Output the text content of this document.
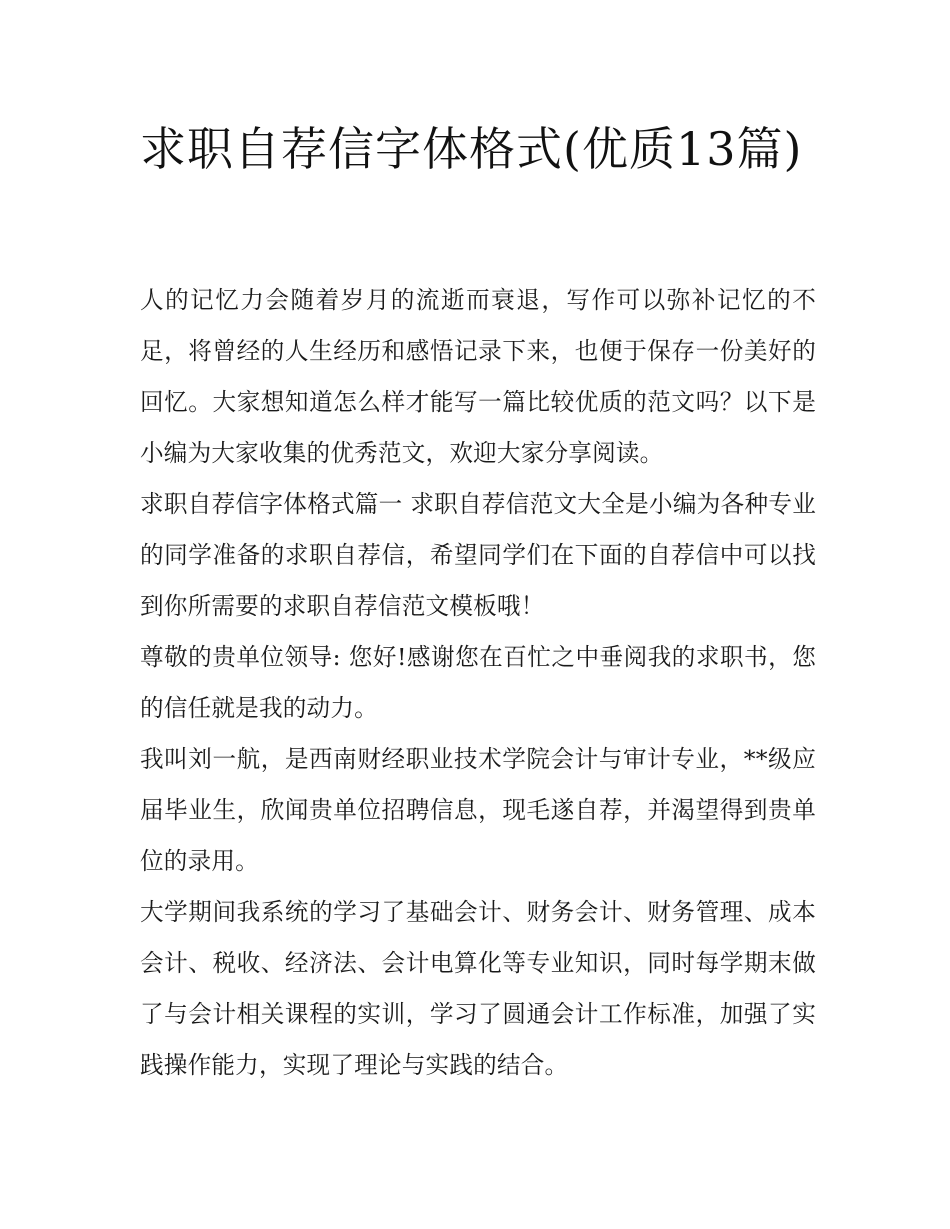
求职自荐信字体格式(优质13篇)

人的记忆力会随着岁月的流逝而衰退，写作可以弥补记忆的不足，将曾经的人生经历和感悟记录下来，也便于保存一份美好的回忆。大家想知道怎么样才能写一篇比较优质的范文吗？以下是小编为大家收集的优秀范文，欢迎大家分享阅读。

求职自荐信字体格式篇一 求职自荐信范文大全是小编为各种专业的同学准备的求职自荐信，希望同学们在下面的自荐信中可以找到你所需要的求职自荐信范文模板哦！

尊敬的贵单位领导: 您好!感谢您在百忙之中垂阅我的求职书，您的信任就是我的动力。

我叫刘一航，是西南财经职业技术学院会计与审计专业，**级应届毕业生，欣闻贵单位招聘信息，现毛遂自荐，并渴望得到贵单位的录用。

大学期间我系统的学习了基础会计、财务会计、财务管理、成本会计、税收、经济法、会计电算化等专业知识，同时每学期末做了与会计相关课程的实训，学习了圆通会计工作标准，加强了实践操作能力，实现了理论与实践的结合。
